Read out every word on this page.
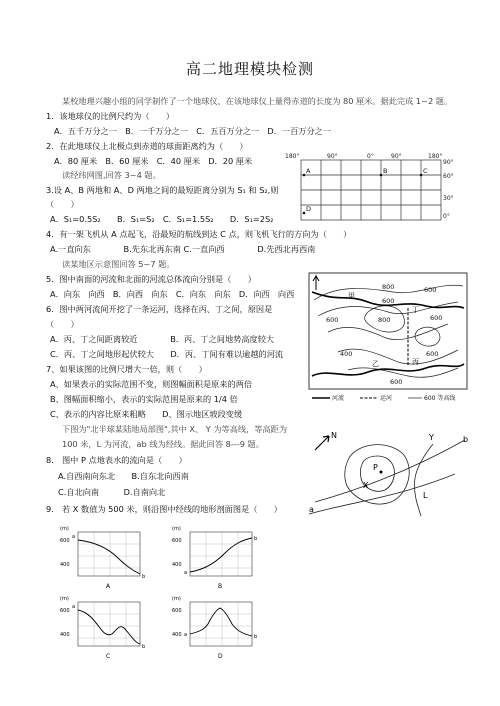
高二地理模块检测
某校地理兴趣小组的同学制作了一个地球仪，在该地球仪上量得赤道的长度为 80 厘米。据此完成 1~2 题。
1．该地球仪的比例尺约为（　　）
A．五千万分之一　B．一千万分之一　C．五百万分之一　D．一百万分之一
2．在此地球仪上北极点到赤道的球面距离约为（　　）
A．80 厘米　B．60 厘米　C．40 厘米　D．20 厘米
读经纬网图,回答 3~4 题。
3.设 A、B 两地和 A、D 两地之间的最短距离分别为 S₁ 和 S₂,则
（　　）
A．S₁=0.5S₂　　B．S₁=S₂　C．S₁=1.5S₂　　D．S₁=2S₂
4．有一架飞机从 A 点起飞，沿最短的航线到达 C 点，则飞机飞行的方向为（　　）
A.一直向东　　　　B.先东北再东南 C.一直向西　　　　D.先西北再西南
读某地区示意图回答 5~7 题。
5．图中南面的河流和北面的河流总体流向分别是（　　）
A．向东　向西　B．向西　向东　C．向东　向东　D．向西　向西
6．图中两河流间开挖了一条运河，选择在丙、丁之间，原因是
（　　）
A．丙、丁之间距离较近　　　　B．丙、丁之间地势高度较大
C．丙、丁之间地形起伏较大　　D．丙、丁间有难以逾越的河流
7、如果该图的比例尺增大一倍，则（　　）
A、如果表示的实际范围不变，则图幅面积是原来的两倍
B、图幅面积缩小，表示的实际范围是原来的 1/4 倍
C、表示的内容比原来粗略　　D、图示地区坡段变缓
下图为"北半球某陆地局部图",其中 X、 Y 为等高线，等高距为
100 米，L 为河流，ab 线为经线。据此回答 8---9 题。
8.　图中 P 点地表水的流向是（　　）
A.自西南向东北　　B.自东北向西南
C.自北向南　　　D.自南向北
9.　若 X 数值为 500 米，则沿图中经线的地形剖面图是（　　）
180°	90°	0°	90°	180°
90°
60°
30°
0°
A	B	C
D
800
600
600	800
600
600
600
400
600
甲
丁
乙	丙
河流	运河	600 等高线
N	Y
X
P
a
L
b
(m)
600
400
a
b
A
(m)
600
400
a
b
B
(m)
600
400
a
b
C
(m)
600
400 a	b
D
